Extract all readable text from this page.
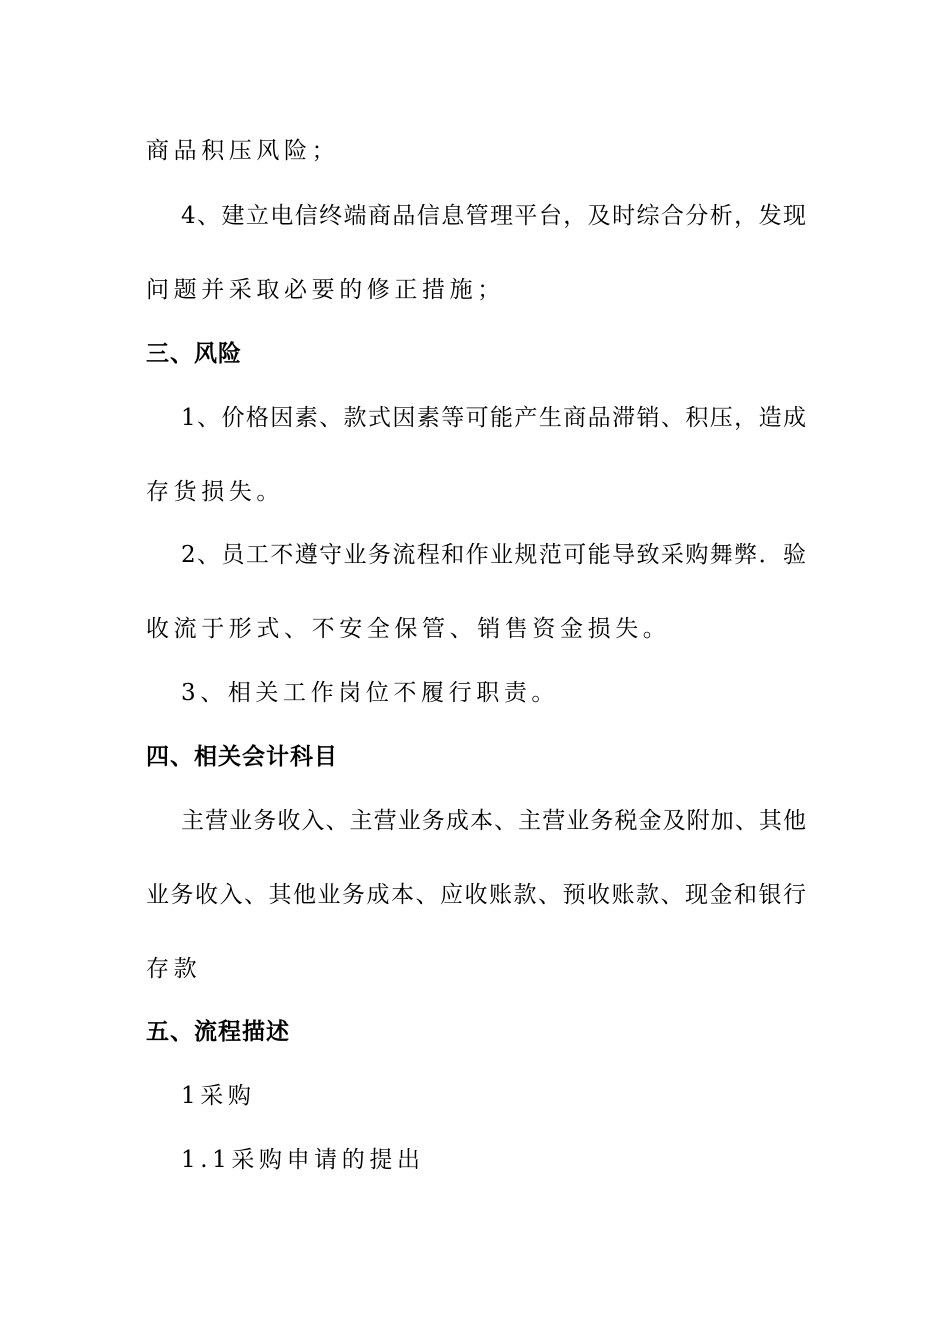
商品积压风险；
4、建立电信终端商品信息管理平台，及时综合分析，发现
问题并采取必要的修正措施；
三、风险
1、价格因素、款式因素等可能产生商品滞销、积压，造成
存货损失。
2、员工不遵守业务流程和作业规范可能导致采购舞弊．验
收流于形式、不安全保管、销售资金损失。
3、相关工作岗位不履行职责。
四、相关会计科目
主营业务收入、主营业务成本、主营业务税金及附加、其他
业务收入、其他业务成本、应收账款、预收账款、现金和银行
存款
五、流程描述
1采购
1.1采购申请的提出
